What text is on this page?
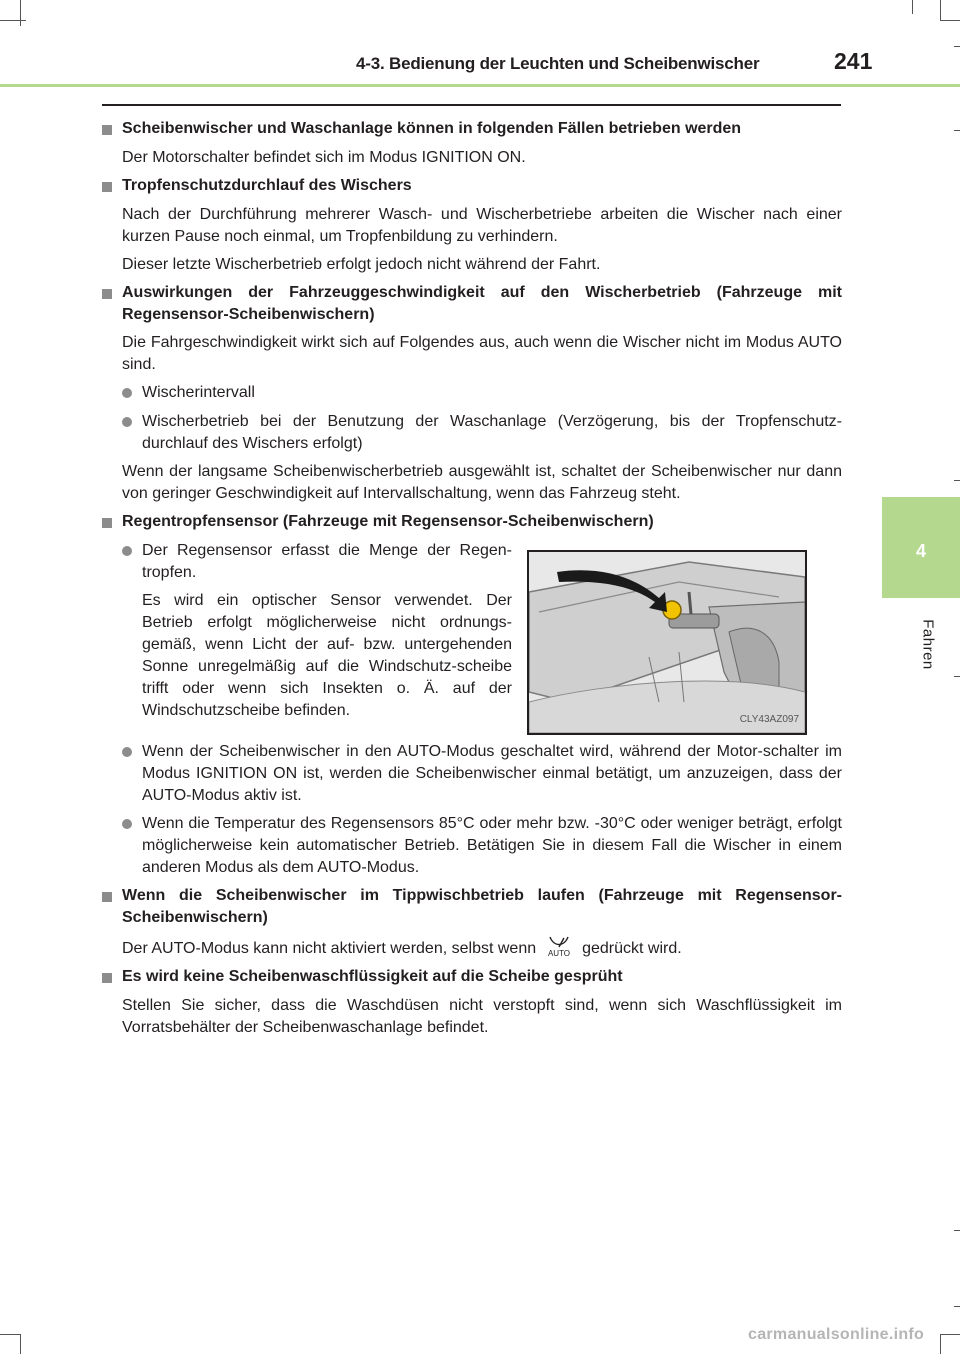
4-3. Bedienung der Leuchten und Scheibenwischer	241
4
Fahren
Scheibenwischer und Waschanlage können in folgenden Fällen betrieben werden

Der Motorschalter befindet sich im Modus IGNITION ON.

Tropfenschutzdurchlauf des Wischers

Nach der Durchführung mehrerer Wasch- und Wischerbetriebe arbeiten die Wischer nach einer kurzen Pause noch einmal, um Tropfenbildung zu verhindern.

Dieser letzte Wischerbetrieb erfolgt jedoch nicht während der Fahrt.

Auswirkungen der Fahrzeuggeschwindigkeit auf den Wischerbetrieb (Fahrzeuge mit Regensensor-Scheibenwischern)

Die Fahrgeschwindigkeit wirkt sich auf Folgendes aus, auch wenn die Wischer nicht im Modus AUTO sind.

Wischerintervall
Wischerbetrieb bei der Benutzung der Waschanlage (Verzögerung, bis der Tropfenschutz-durchlauf des Wischers erfolgt)

Wenn der langsame Scheibenwischerbetrieb ausgewählt ist, schaltet der Scheibenwischer nur dann von geringer Geschwindigkeit auf Intervallschaltung, wenn das Fahrzeug steht.

Regentropfensensor (Fahrzeuge mit Regensensor-Scheibenwischern)
Der Regensensor erfasst die Menge der Regen-tropfen.

Es wird ein optischer Sensor verwendet. Der Betrieb erfolgt möglicherweise nicht ordnungs-gemäß, wenn Licht der auf- bzw. untergehenden Sonne unregelmäßig auf die Windschutz-scheibe trifft oder wenn sich Insekten o. Ä. auf der Windschutzscheibe befinden.

CLY43AZ097
Wenn der Scheibenwischer in den AUTO-Modus geschaltet wird, während der Motor-schalter im Modus IGNITION ON ist, werden die Scheibenwischer einmal betätigt, um anzuzeigen, dass der AUTO-Modus aktiv ist.
Wenn die Temperatur des Regensensors 85°C oder mehr bzw. -30°C oder weniger beträgt, erfolgt möglicherweise kein automatischer Betrieb. Betätigen Sie in diesem Fall die Wischer in einem anderen Modus als dem AUTO-Modus.
Wenn die Scheibenwischer im Tippwischbetrieb laufen (Fahrzeuge mit Regensensor-Scheibenwischern)

Der AUTO-Modus kann nicht aktiviert werden, selbst wenn AUTO gedrückt wird.

Es wird keine Scheibenwaschflüssigkeit auf die Scheibe gesprüht

Stellen Sie sicher, dass die Waschdüsen nicht verstopft sind, wenn sich Waschflüssigkeit im Vorratsbehälter der Scheibenwaschanlage befindet.

carmanualsonline.info
